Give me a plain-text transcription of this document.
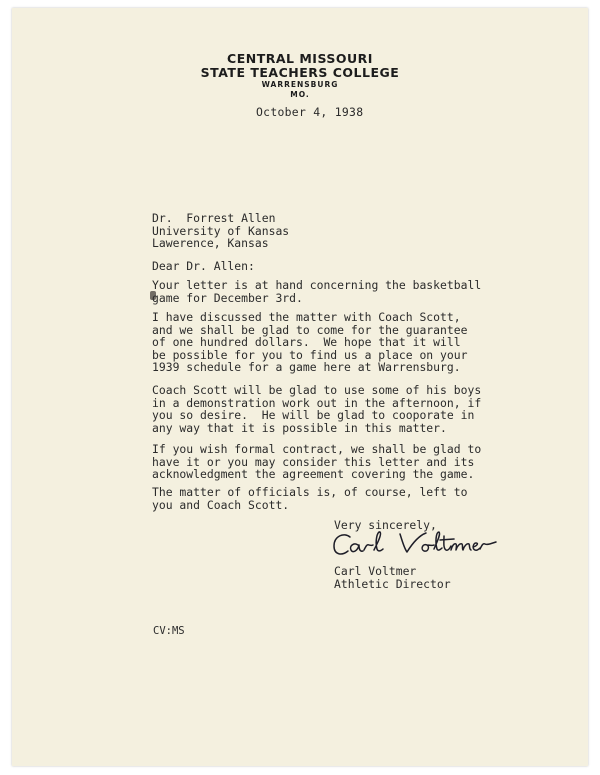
CENTRAL MISSOURI
STATE TEACHERS COLLEGE
WARRENSBURG
MO.
October 4, 1938
Dr.  Forrest Allen
University of Kansas
Lawerence, Kansas
Dear Dr. Allen:
Your letter is at hand concerning the basketball
game for December 3rd.
I have discussed the matter with Coach Scott,
and we shall be glad to come for the guarantee
of one hundred dollars.  We hope that it will
be possible for you to find us a place on your
1939 schedule for a game here at Warrensburg.
Coach Scott will be glad to use some of his boys
in a demonstration work out in the afternoon, if
you so desire.  He will be glad to cooporate in
any way that it is possible in this matter.
If you wish formal contract, we shall be glad to
have it or you may consider this letter and its
acknowledgment the agreement covering the game.
The matter of officials is, of course, left to
you and Coach Scott.
Very sincerely,
Carl Voltmer
Athletic Director
CV:MS
